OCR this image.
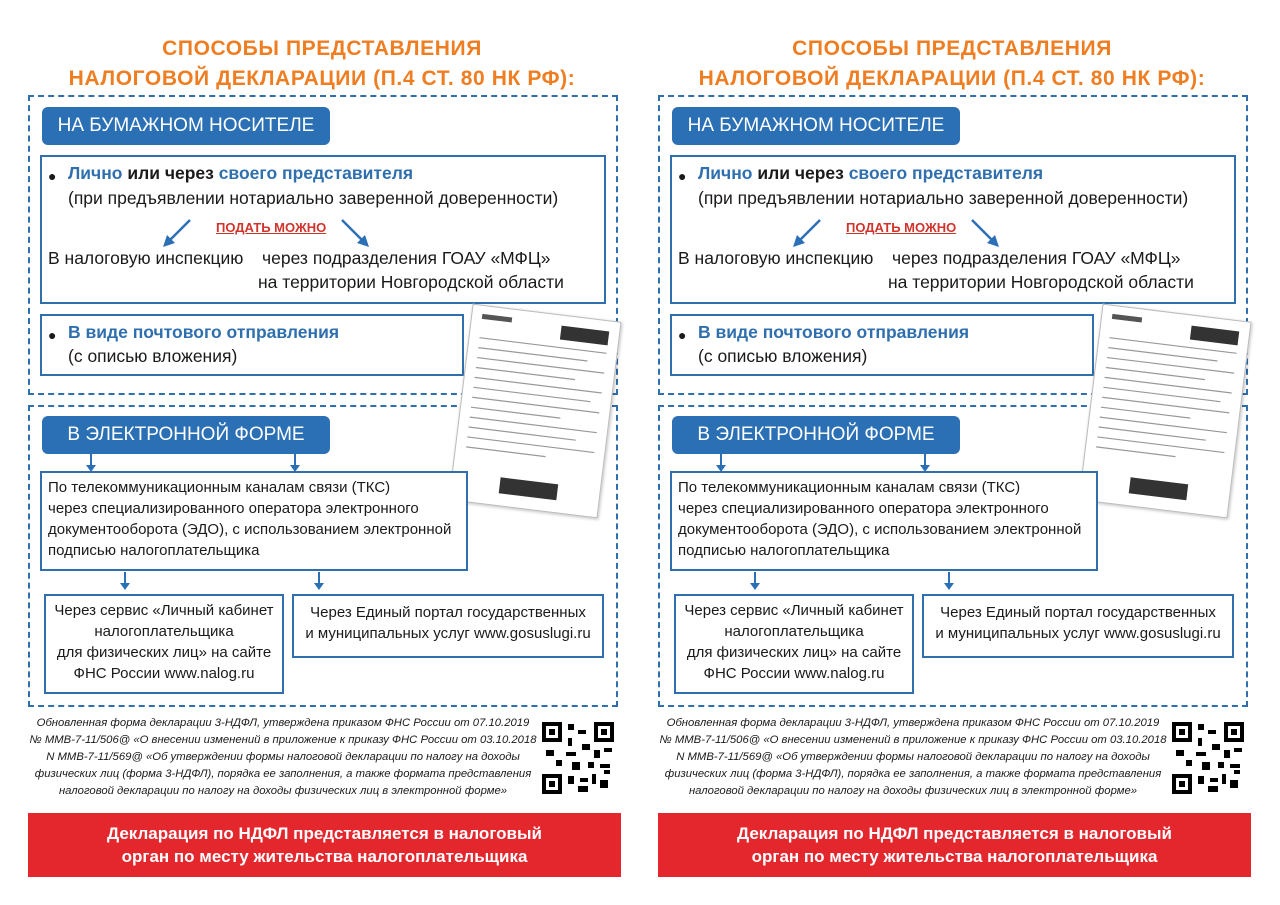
СПОСОБЫ ПРЕДСТАВЛЕНИЯ
НАЛОГОВОЙ ДЕКЛАРАЦИИ (П.4 СТ. 80 НК РФ):
НА БУМАЖНОМ НОСИТЕЛЕ
● Лично или через своего представителя
(при предъявлении нотариально заверенной доверенности)
ПОДАТЬ МОЖНО
В налоговую инспекцию через подразделения ГОАУ «МФЦ»
на территории Новгородской области
● В виде почтового отправления
(с описью вложения)
В ЭЛЕКТРОННОЙ ФОРМЕ
По телекоммуникационным каналам связи (ТКС)
через специализированного оператора электронного
документооборота (ЭДО), с использованием электронной
подписью налогоплательщика
Через сервис «Личный кабинет
налогоплательщика
для физических лиц» на сайте
ФНС России www.nalog.ru
Через Единый портал государственных
и муниципальных услуг www.gosuslugi.ru
Обновленная форма декларации 3-НДФЛ, утверждена приказом ФНС России от 07.10.2019
№ ММВ-7-11/506@ «О внесении изменений в приложение к приказу ФНС России от 03.10.2018
N ММВ-7-11/569@ «Об утверждении формы налоговой декларации по налогу на доходы
физических лиц (форма 3-НДФЛ), порядка ее заполнения, а также формата представления
налоговой декларации по налогу на доходы физических лиц в электронной форме»
Декларация по НДФЛ представляется в налоговый
орган по месту жительства налогоплательщика
СПОСОБЫ ПРЕДСТАВЛЕНИЯ
НАЛОГОВОЙ ДЕКЛАРАЦИИ (П.4 СТ. 80 НК РФ):
НА БУМАЖНОМ НОСИТЕЛЕ
● Лично или через своего представителя
(при предъявлении нотариально заверенной доверенности)
ПОДАТЬ МОЖНО
В налоговую инспекцию через подразделения ГОАУ «МФЦ»
на территории Новгородской области
● В виде почтового отправления
(с описью вложения)
В ЭЛЕКТРОННОЙ ФОРМЕ
По телекоммуникационным каналам связи (ТКС)
через специализированного оператора электронного
документооборота (ЭДО), с использованием электронной
подписью налогоплательщика
Через сервис «Личный кабинет
налогоплательщика
для физических лиц» на сайте
ФНС России www.nalog.ru
Через Единый портал государственных
и муниципальных услуг www.gosuslugi.ru
Обновленная форма декларации 3-НДФЛ, утверждена приказом ФНС России от 07.10.2019
№ ММВ-7-11/506@ «О внесении изменений в приложение к приказу ФНС России от 03.10.2018
N ММВ-7-11/569@ «Об утверждении формы налоговой декларации по налогу на доходы
физических лиц (форма 3-НДФЛ), порядка ее заполнения, а также формата представления
налоговой декларации по налогу на доходы физических лиц в электронной форме»
Декларация по НДФЛ представляется в налоговый
орган по месту жительства налогоплательщика
